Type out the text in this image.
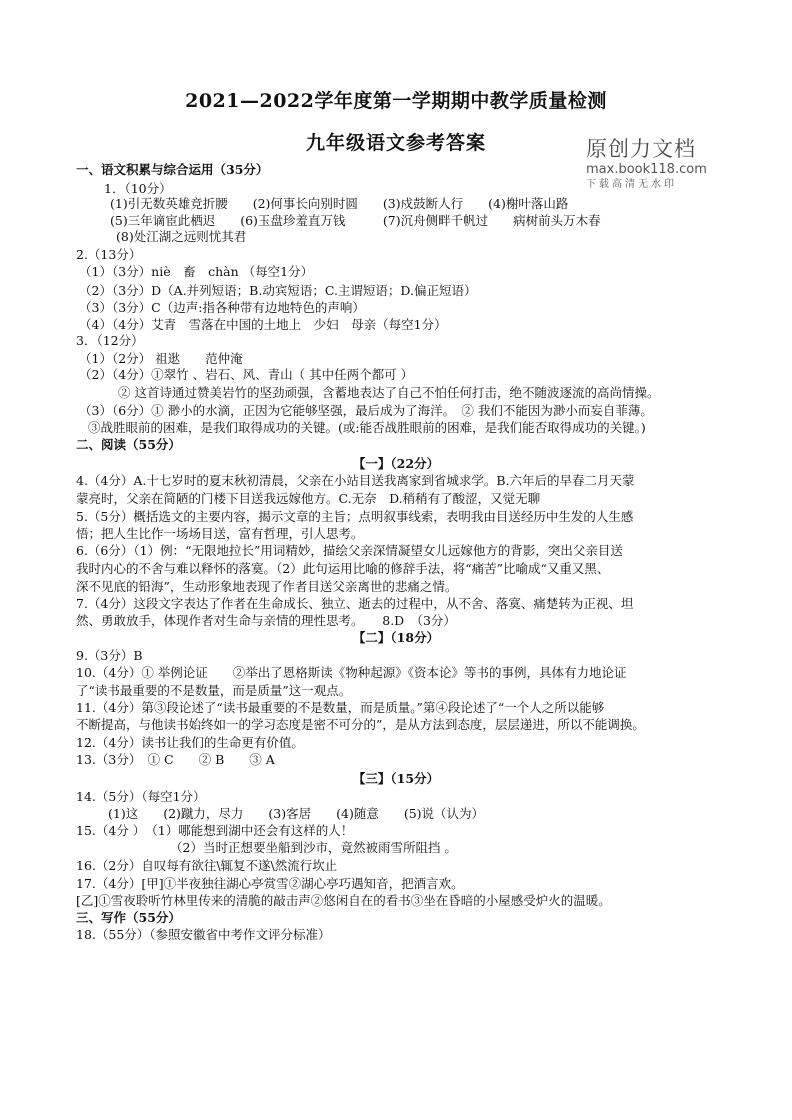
2021—2022学年度第一学期期中教学质量检测
九年级语文参考答案	原创力文档
max.book118.com
下载高清无水印
一、语文积累与综合运用（35分）
1．（10分）
(1)引无数英雄竞折腰　　(2)何事长向别时圆　　(3)戍鼓断人行　　(4)榭叶落山路
(5)三年谪宦此栖迟　　(6)玉盘珍羞直万钱　　　(7)沉舟侧畔千帆过　　病树前头万木春
(8)处江湖之远则忧其君
2.（13分）
（1）（3分）niè　畜　chàn （每空1分）
（2）（3分）D（A.并列短语；B.动宾短语；C.主谓短语；D.偏正短语）
（3）（3分）C（边声:指各种带有边地特色的声响）
（4）（4分）艾青　雪落在中国的土地上　少妇　母亲（每空1分）
3．（12分）
（1）（2分） 祖逖　　范仲淹
（2）（4分）①翠竹 、岩石、风、青山（ 其中任两个都可 ）
② 这首诗通过赞美岩竹的坚劲顽强，含蓄地表达了自己不怕任何打击，绝不随波逐流的高尚情操。
（3）（6分）① 渺小的水滴，正因为它能够坚强，最后成为了海洋。　② 我们不能因为渺小而妄自菲薄。
③战胜眼前的困难，是我们取得成功的关键。(或:能否战胜眼前的困难，是我们能否取得成功的关键。)
二、阅读（55分）
【一】（22分）
4.（4分）A.十七岁时的夏末秋初清晨，父亲在小站目送我离家到省城求学。B.六年后的早春二月天蒙
蒙亮时，父亲在简陋的门楼下目送我远嫁他方。C.无奈　D.稍稍有了酸涩，又觉无聊
5.（5分）概括选文的主要内容，揭示文章的主旨；点明叙事线索，表明我由目送经历中生发的人生感
悟；把人生比作一场场目送，富有哲理，引人思考。
6.（6分）（1）例：“无限地拉长”用词精妙，描绘父亲深情凝望女儿远嫁他方的背影，突出父亲目送
我时内心的不舍与难以释怀的落寞。（2）此句运用比喻的修辞手法，将“痛苦”比喻成“又重又黑、
深不见底的铅海”，生动形象地表现了作者目送父亲离世的悲痛之情。
7.（4分）这段文字表达了作者在生命成长、独立、逝去的过程中，从不舍、落寞、痛楚转为正视、坦
然、勇敢放手，体现作者对生命与亲情的理性思考。　　8.D　（3分）
【二】（18分）
9.（3分）B
10.（4分）① 举例论证　　②举出了恩格斯读《物种起源》《资本论》等书的事例，具体有力地论证
了“读书最重要的不是数量，而是质量”这一观点。
11.（4分）第③段论述了“读书最重要的不是数量，而是质量。”第④段论述了“一个人之所以能够
不断提高，与他读书始终如一的学习态度是密不可分的”，是从方法到态度，层层递进，所以不能调换。
12.（4分）读书让我们的生命更有价值。
13.（3分）　① C　　② B　　③ A
【三】（15分）
14.（5分）（每空1分）
(1)这　　(2)蹴力，尽力　　(3)客居　　(4)随意　　(5)说（认为）
15.（4分 ）　（1）哪能想到湖中还会有这样的人！
（2）当时正想要坐船到沙市，竟然被雨雪所阻挡 。
16.（2分）自叹每有欲往\辄复不遂\然流行坎止
17.（4分）[甲]①半夜独往湖心亭赏雪②湖心亭巧遇知音，把酒言欢。
[乙]①雪夜聆听竹林里传来的清脆的敲击声②悠闲自在的看书③坐在昏暗的小屋感受炉火的温暖。
三、写作（55分）
18.（55分）（参照安徽省中考作文评分标准）
